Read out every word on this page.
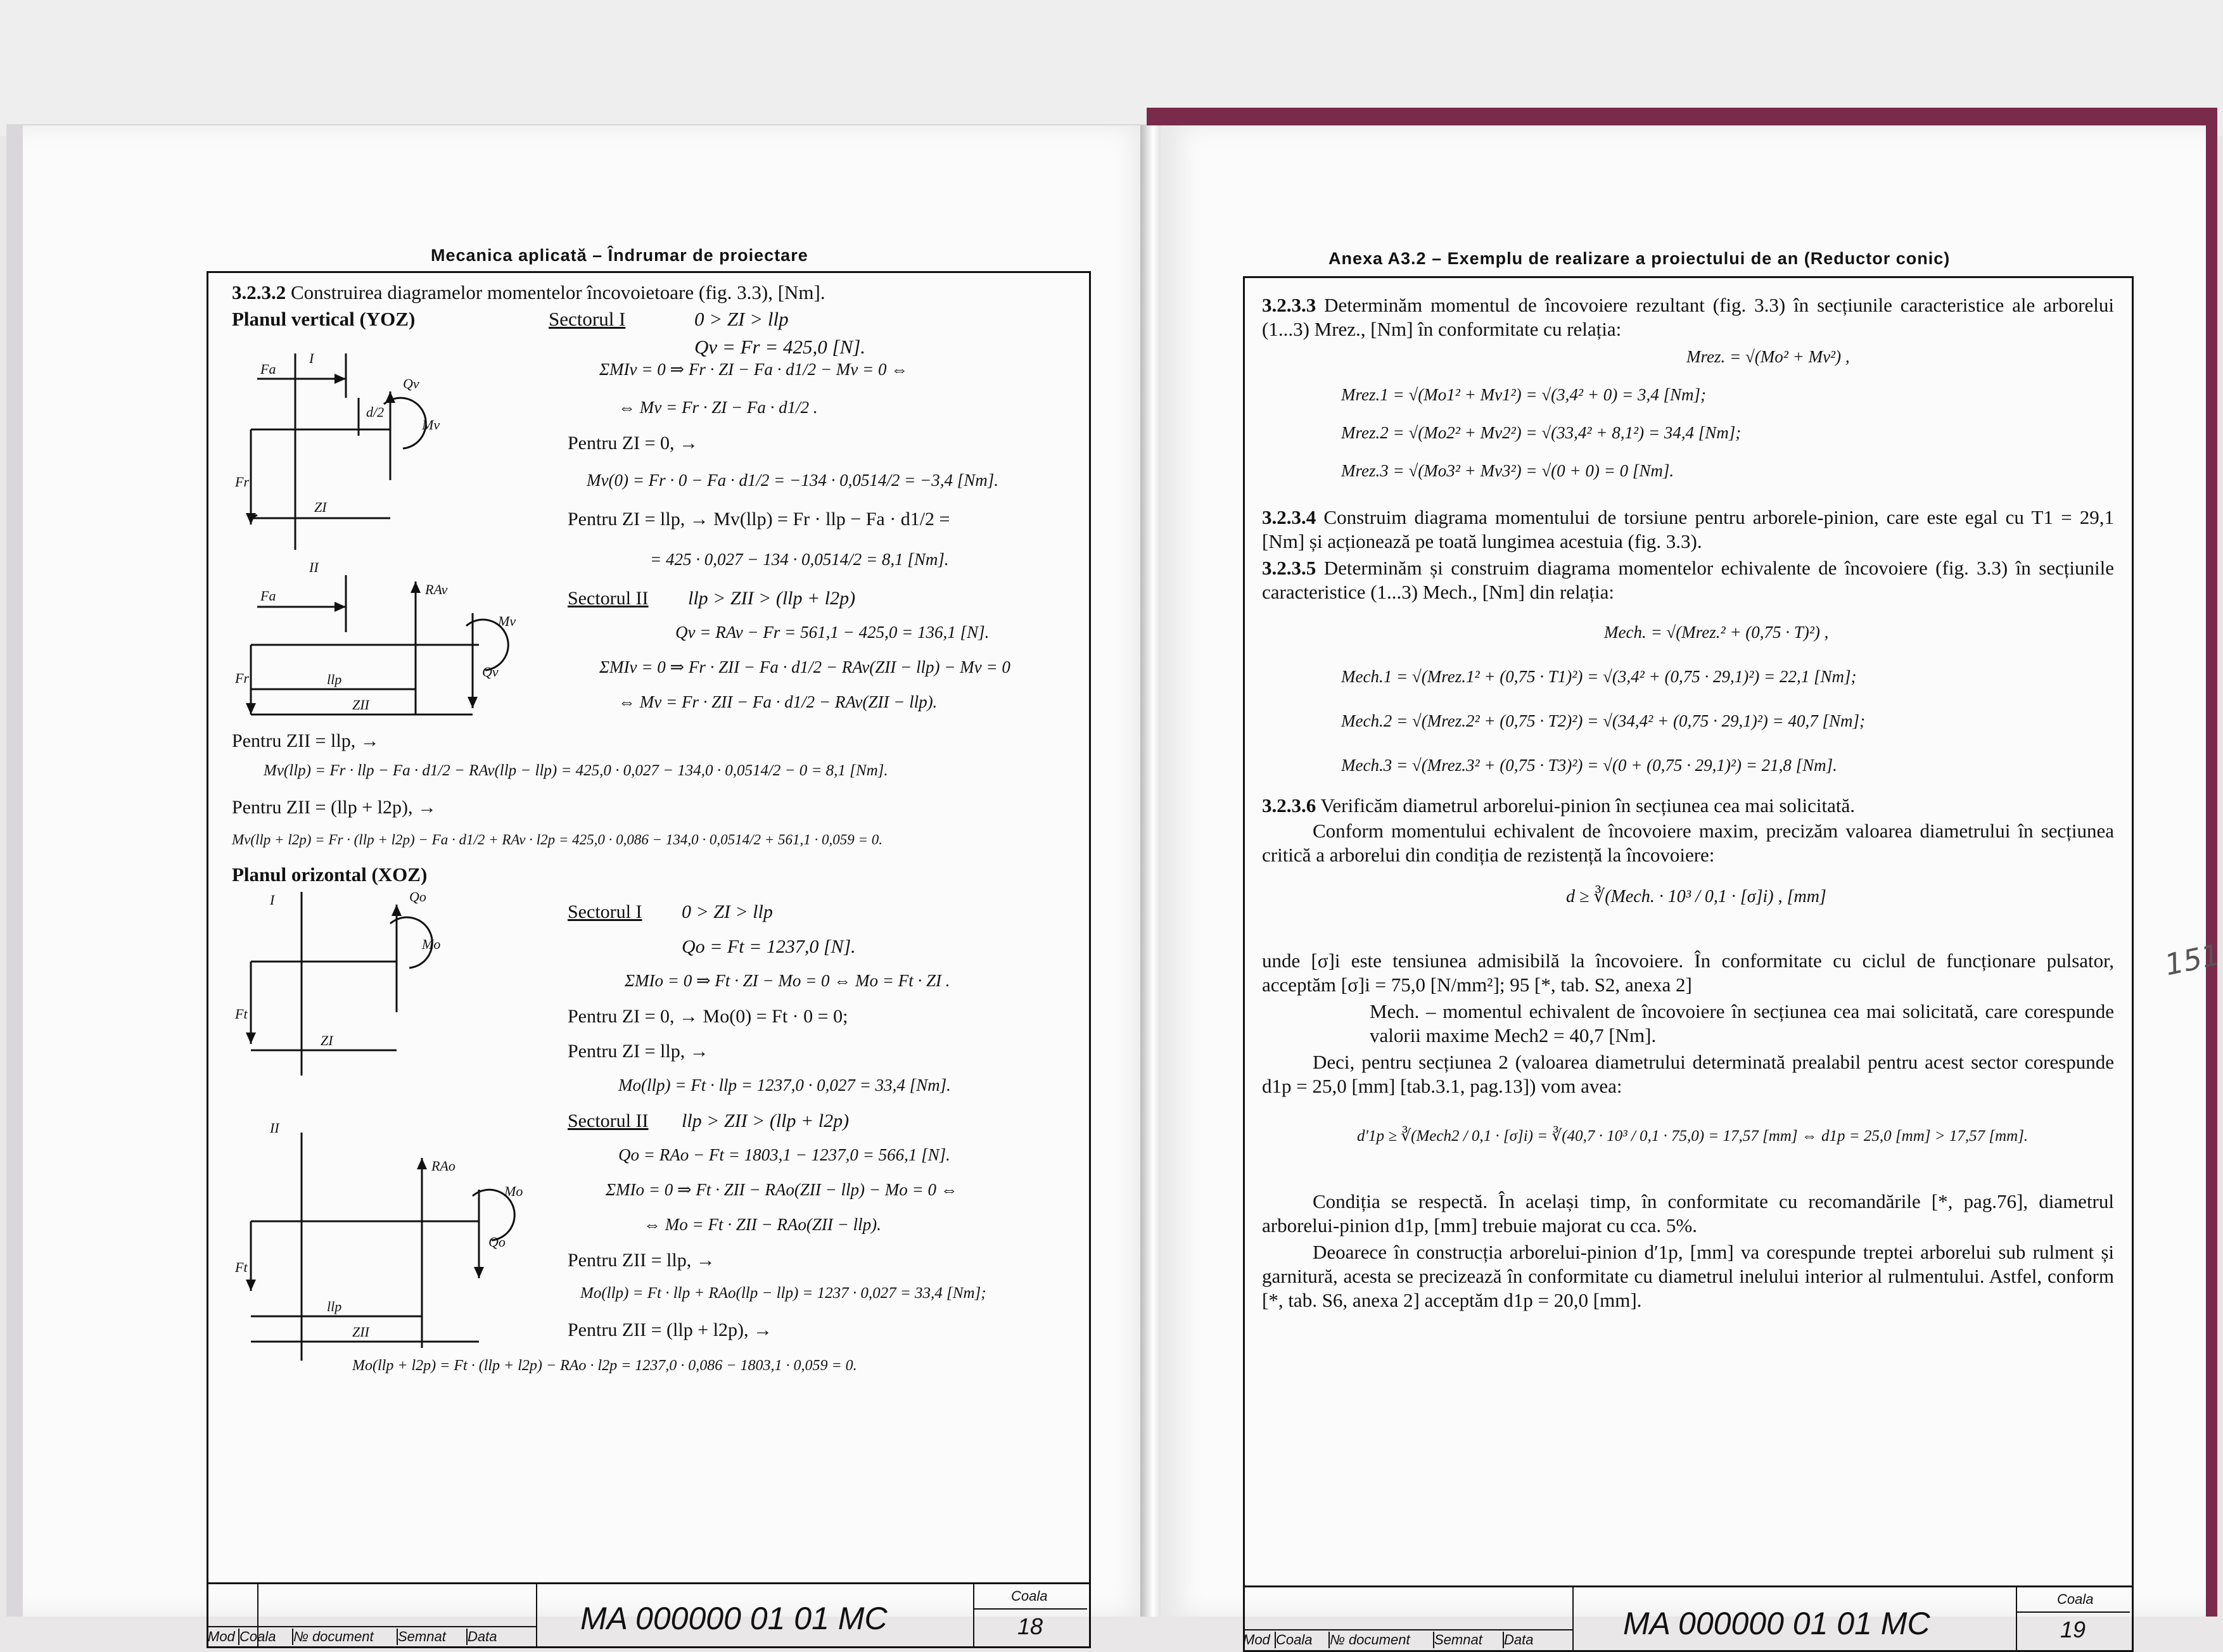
Mecanica aplicată – Îndrumar de proiectare
3.2.3.2 Construirea diagramelor momentelor încovoietoare (fig. 3.3), [Nm].
Planul vertical (YOZ)	Sectorul I	0 > ZI > llp
Qv = Fr = 425,0 [N].
ΣMIv = 0 ⇒ Fr · ZI − Fa · d1/2 − Mv = 0 ⇔
⇔ Mv = Fr · ZI − Fa · d1/2 .
Pentru ZI = 0, →
Mv(0) = Fr · 0 − Fa · d1/2 = −134 · 0,0514/2 = −3,4 [Nm].
Pentru ZI = llp, → Mv(llp) = Fr · llp − Fa · d1/2 =
= 425 · 0,027 − 134 · 0,0514/2 = 8,1 [Nm].
Sectorul II llp > ZII > (llp + l2p)
Qv = RAv − Fr = 561,1 − 425,0 = 136,1 [N].
ΣMIv = 0 ⇒ Fr · ZII − Fa · d1/2 − RAv(ZII − llp) − Mv = 0
⇔ Mv = Fr · ZII − Fa · d1/2 − RAv(ZII − llp).
Pentru ZII = llp, →
Mv(llp) = Fr · llp − Fa · d1/2 − RAv(llp − llp) = 425,0 · 0,027 − 134,0 · 0,0514/2 − 0 = 8,1 [Nm].
Pentru ZII = (llp + l2p), →
Mv(llp + l2p) = Fr · (llp + l2p) − Fa · d1/2 + RAv · l2p = 425,0 · 0,086 − 134,0 · 0,0514/2 + 561,1 · 0,059 = 0.
Planul orizontal (XOZ)
Sectorul I 0 > ZI > llp
Qo = Ft = 1237,0 [N].
ΣMIo = 0 ⇒ Ft · ZI − Mo = 0 ⇔ Mo = Ft · ZI .
Pentru ZI = 0, → Mo(0) = Ft · 0 = 0;
Pentru ZI = llp, →
Mo(llp) = Ft · llp = 1237,0 · 0,027 = 33,4 [Nm].
Sectorul II llp > ZII > (llp + l2p)
Qo = RAo − Ft = 1803,1 − 1237,0 = 566,1 [N].
ΣMIo = 0 ⇒ Ft · ZII − RAo(ZII − llp) − Mo = 0 ⇔
⇔ Mo = Ft · ZII − RAo(ZII − llp).
Pentru ZII = llp, →
Mo(llp) = Ft · llp + RAo(llp − llp) = 1237 · 0,027 = 33,4 [Nm];
Pentru ZII = (llp + l2p), →
Mo(llp + l2p) = Ft · (llp + l2p) − RAo · l2p = 1237,0 · 0,086 − 1803,1 · 0,059 = 0.
I
Fa
Qv
Mv
d/2
Fr
ZI
II
Fa	RAv
Mv
Qv
Fr	llp
ZII
I	Qo
Mo
Ft
ZI
II
RAo
Mo
Qo
Ft
llp
ZII
Mod Coala № document Semnat Data
MA 000000 01 01 MC
Coala
18
Anexa A3.2 – Exemplu de realizare a proiectului de an (Reductor conic)
3.2.3.3 Determinăm momentul de încovoiere rezultant (fig. 3.3) în secțiunile caracteristice ale arborelui (1...3) Mrez., [Nm] în conformitate cu relația:
Mrez. = √(Mo² + Mv²) ,
Mrez.1 = √(Mo1² + Mv1²) = √(3,4² + 0) = 3,4 [Nm];
Mrez.2 = √(Mo2² + Mv2²) = √(33,4² + 8,1²) = 34,4 [Nm];
Mrez.3 = √(Mo3² + Mv3²) = √(0 + 0) = 0 [Nm].
3.2.3.4 Construim diagrama momentului de torsiune pentru arborele-pinion, care este egal cu T1 = 29,1 [Nm] și acționează pe toată lungimea acestuia (fig. 3.3).
3.2.3.5 Determinăm și construim diagrama momentelor echivalente de încovoiere (fig. 3.3) în secțiunile caracteristice (1...3) Mech., [Nm] din relația:
Mech. = √(Mrez.² + (0,75 · T)²) ,
Mech.1 = √(Mrez.1² + (0,75 · T1)²) = √(3,4² + (0,75 · 29,1)²) = 22,1 [Nm];
Mech.2 = √(Mrez.2² + (0,75 · T2)²) = √(34,4² + (0,75 · 29,1)²) = 40,7 [Nm];
Mech.3 = √(Mrez.3² + (0,75 · T3)²) = √(0 + (0,75 · 29,1)²) = 21,8 [Nm].
3.2.3.6 Verificăm diametrul arborelui-pinion în secțiunea cea mai solicitată.
Conform momentului echivalent de încovoiere maxim, precizăm valoarea diametrului în secțiunea critică a arborelui din condiția de rezistență la încovoiere:
d ≥ ∛(Mech. · 10³ / 0,1 · [σ]i) , [mm]
unde [σ]i este tensiunea admisibilă la încovoiere. În conformitate cu ciclul de funcționare pulsator, acceptăm [σ]i = 75,0 [N/mm²]; 95 [*, tab. S2, anexa 2]
Mech. – momentul echivalent de încovoiere în secțiunea cea mai solicitată, care corespunde valorii maxime Mech2 = 40,7 [Nm].
Deci, pentru secțiunea 2 (valoarea diametrului determinată prealabil pentru acest sector corespunde d1p = 25,0 [mm] [tab.3.1, pag.13]) vom avea:
d′1p ≥ ∛(Mech2 / 0,1 · [σ]i) = ∛(40,7 · 10³ / 0,1 · 75,0) = 17,57 [mm] ⇔ d1p = 25,0 [mm] > 17,57 [mm].
Condiția se respectă. În același timp, în conformitate cu recomandările [*, pag.76], diametrul arborelui-pinion d1p, [mm] trebuie majorat cu cca. 5%.
Deoarece în construcția arborelui-pinion d′1p, [mm] va corespunde treptei arborelui sub rulment și garnitură, acesta se precizează în conformitate cu diametrul inelului interior al rulmentului. Astfel, conform [*, tab. S6, anexa 2] acceptăm d1p = 20,0 [mm].
151
Mod Coala № document Semnat Data	MA 000000 01 01 MC
Coala
19
